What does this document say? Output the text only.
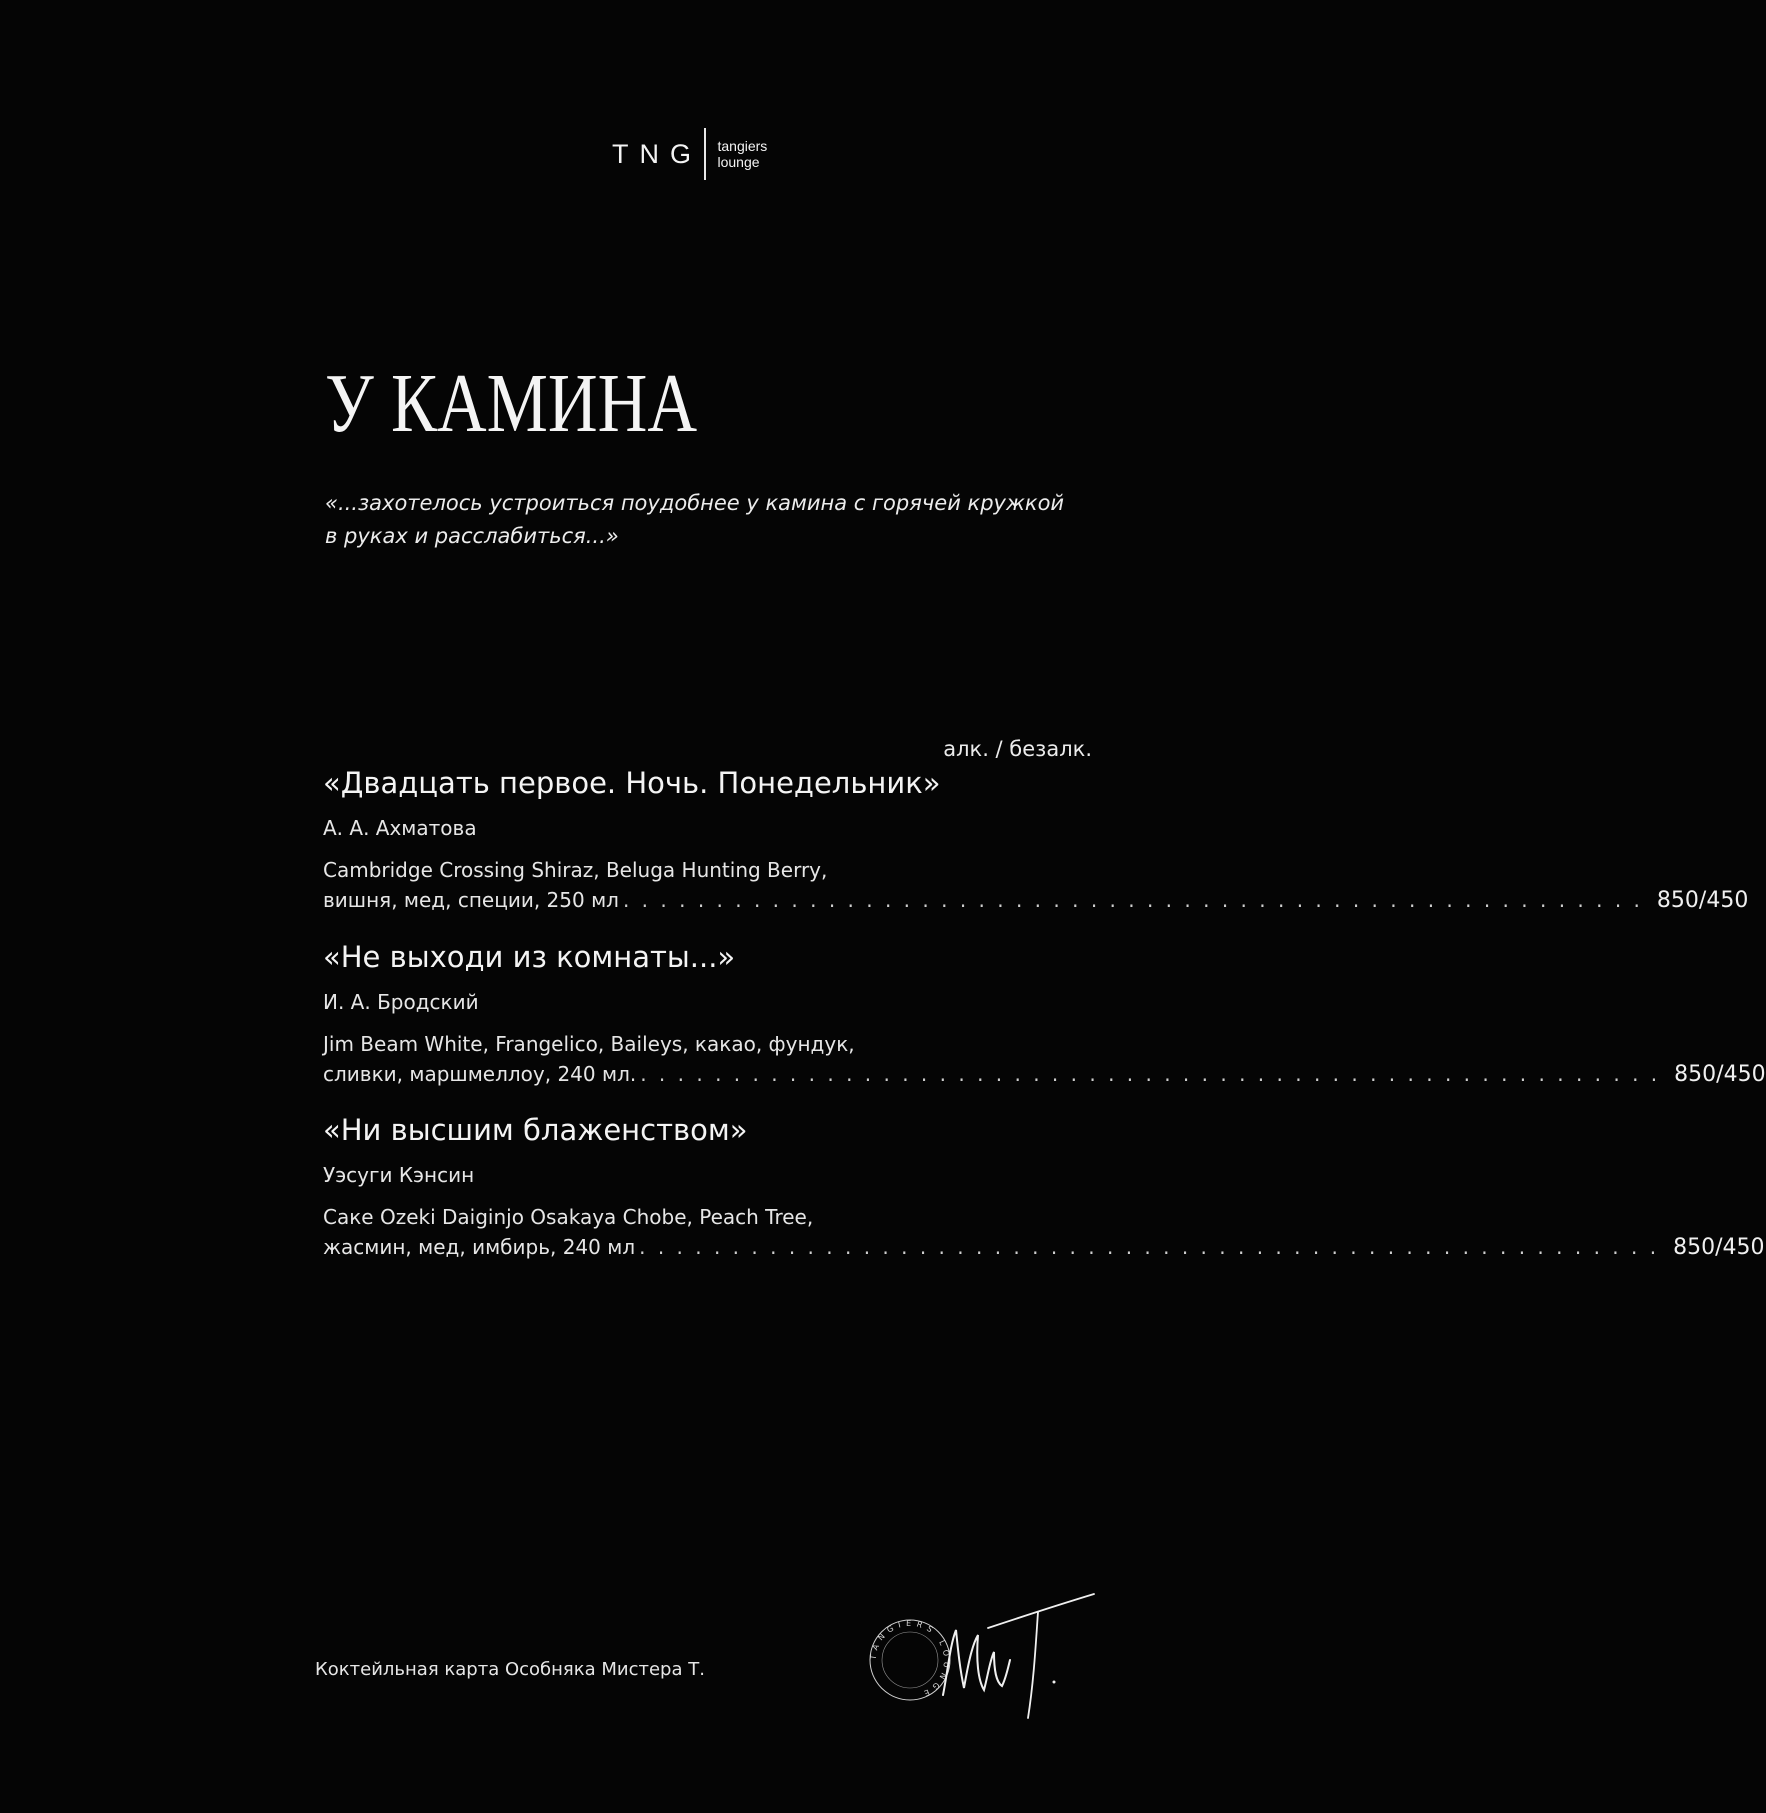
TNG tangiers
lounge
У КАМИНА
«...захотелось устроиться поудобнее у камина с горячей кружкой
в руках и расслабиться...»
алк. / безалк.
«Двадцать первое. Ночь. Понедельник»
А. А. Ахматова
Cambridge Crossing Shiraz, Beluga Hunting Berry,
вишня, мед, специи, 250 мл . . . . . . . . . . . . . . . . . . . . . . . . . . . . . . . . . . . . . . . . . . . . . . . . . . . . . . . 850/450
«Не выходи из комнаты...»
И. А. Бродский
Jim Beam White, Frangelico, Baileys, какао, фундук,
сливки, маршмеллоу, 240 мл. . . . . . . . . . . . . . . . . . . . . . . . . . . . . . . . . . . . . . . . . . . . . . . . . . . . . . . . 850/450
«Ни высшим блаженством»
Уэсуги Кэнсин
Саке Ozeki Daiginjo Osakaya Chobe, Peach Tree,
жасмин, мед, имбирь, 240 мл . . . . . . . . . . . . . . . . . . . . . . . . . . . . . . . . . . . . . . . . . . . . . . . . . . . . . . . 850/450
Коктейльная карта Особняка Мистера Т.
TANGIERS LOUNGE
